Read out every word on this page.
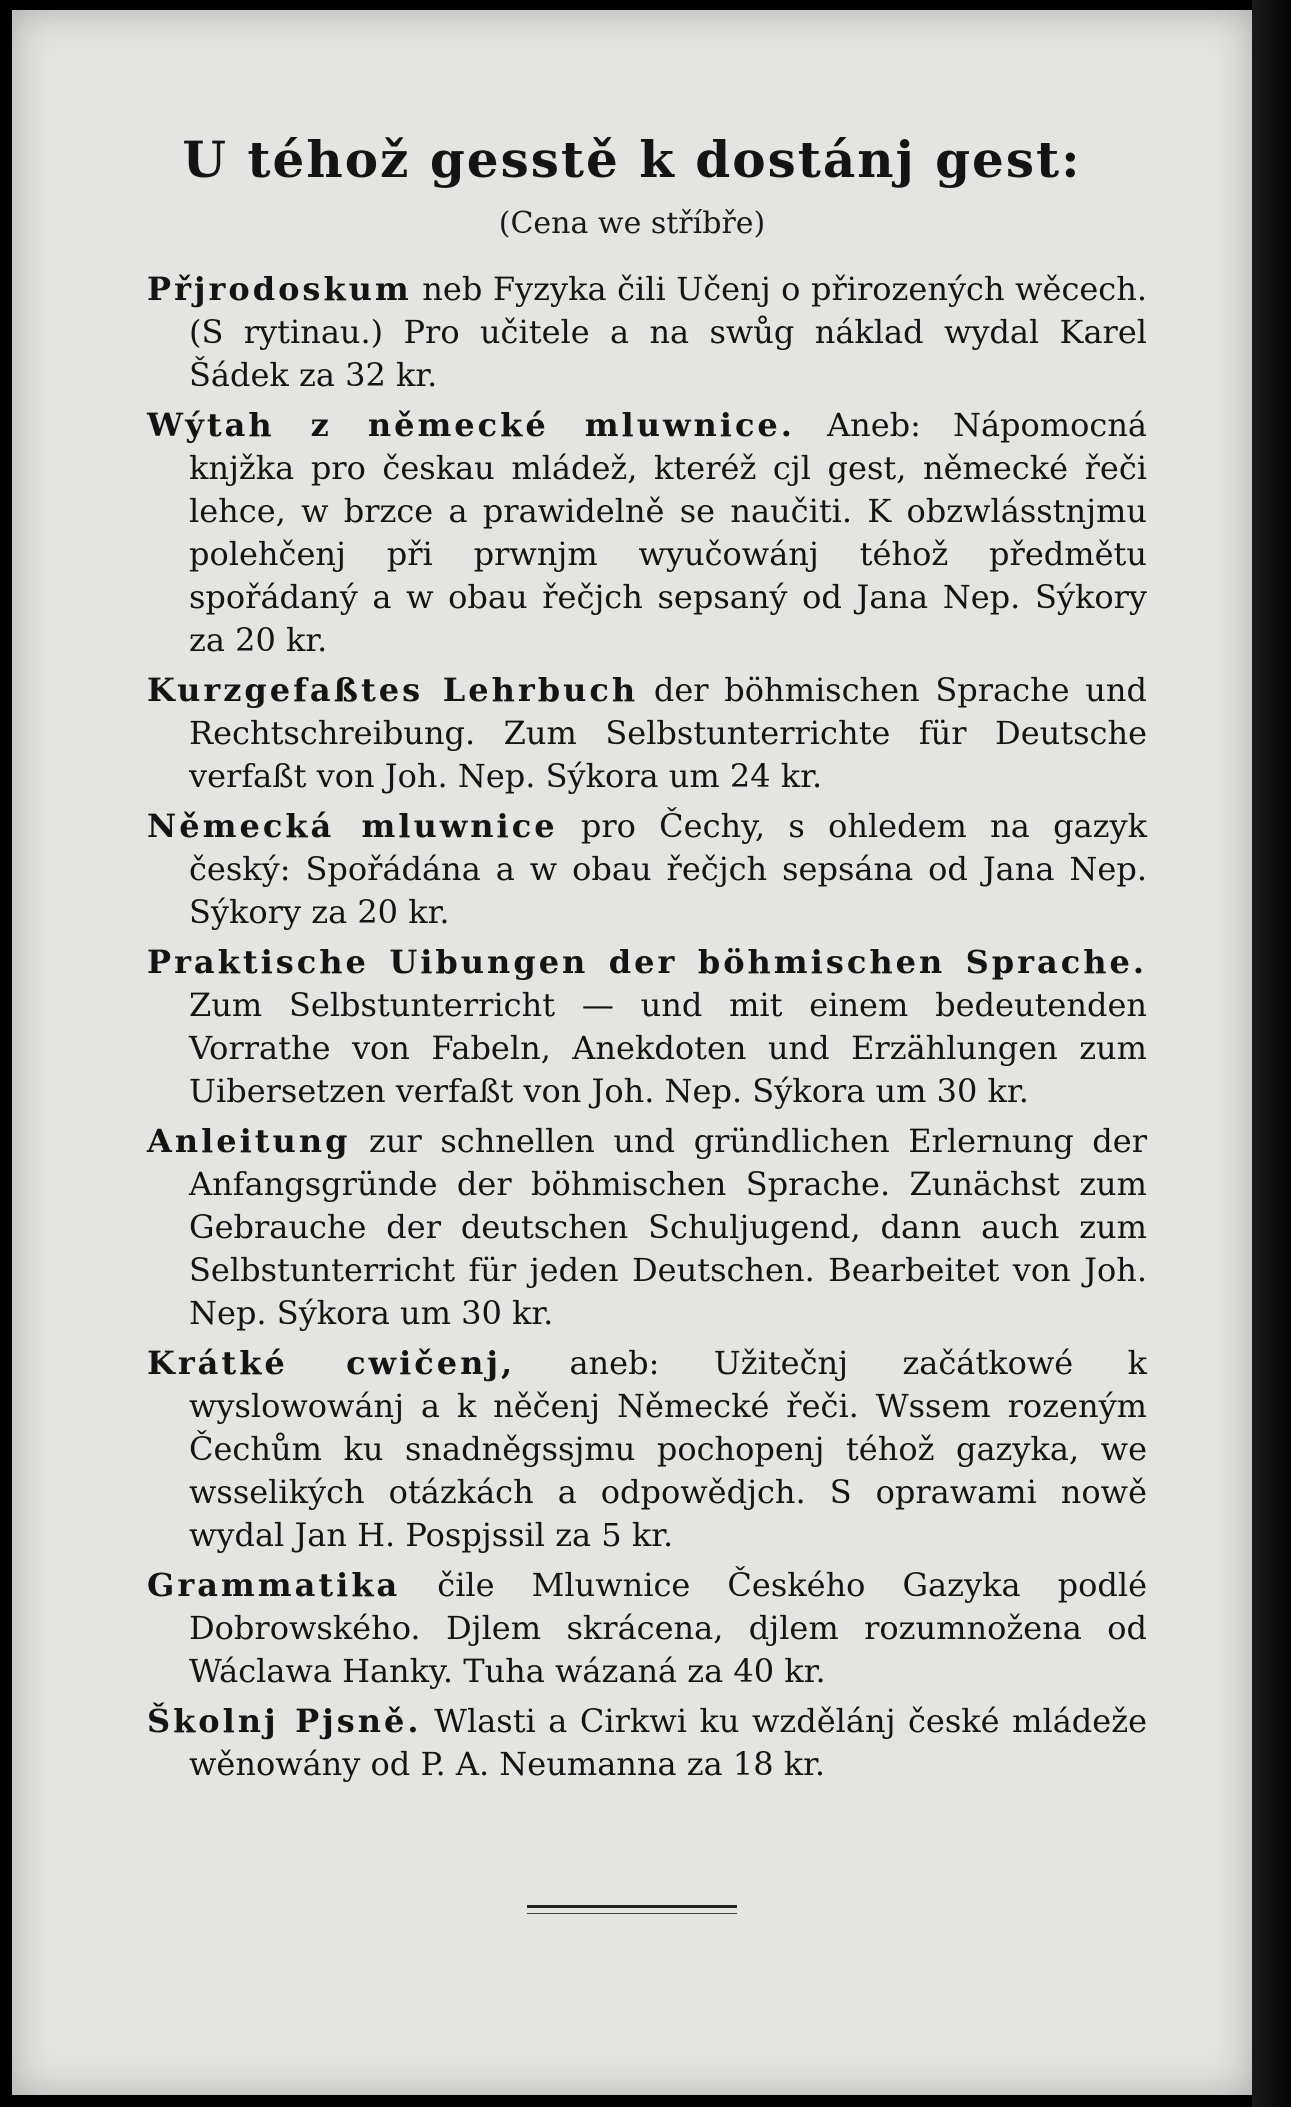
U téhož gesstě k dostánj gest:
(Cena we stříbře)

Přjrodoskum neb Fyzyka čili Učenj o přirozených wěcech. (S rytinau.) Pro učitele a na swůg náklad wydal Karel Šádek za 32 kr.

Wýtah z německé mluwnice. Aneb: Nápomocná knjžka pro českau mládež, kteréž cjl gest, německé řeči lehce, w brzce a prawidelně se naučiti. K obzwlásstnjmu polehčenj při prwnjm wyučowánj téhož předmětu spořádaný a w obau řečjch sepsaný od Jana Nep. Sýkory za 20 kr.

Kurzgefaßtes Lehrbuch der böhmischen Sprache und Rechtschreibung. Zum Selbstunterrichte für Deutsche verfaßt von Joh. Nep. Sýkora um 24 kr.

Německá mluwnice pro Čechy, s ohledem na gazyk český: Spořádána a w obau řečjch sepsána od Jana Nep. Sýkory za 20 kr.

Praktische Uibungen der böhmischen Sprache. Zum Selbstunterricht — und mit einem bedeutenden Vorrathe von Fabeln, Anekdoten und Erzählungen zum Uibersetzen verfaßt von Joh. Nep. Sýkora um 30 kr.

Anleitung zur schnellen und gründlichen Erlernung der Anfangsgründe der böhmischen Sprache. Zunächst zum Gebrauche der deutschen Schuljugend, dann auch zum Selbstunterricht für jeden Deutschen. Bearbeitet von Joh. Nep. Sýkora um 30 kr.

Krátké cwičenj, aneb: Užitečnj začátkowé k wyslowowánj a k něčenj Německé řeči. Wssem rozeným Čechům ku snadněgssjmu pochopenj téhož gazyka, we wsselikých otázkách a odpowědjch. S oprawami nowě wydal Jan H. Pospjssil za 5 kr.

Grammatika čile Mluwnice Českého Gazyka podlé Dobrowského. Djlem skrácena, djlem rozumnožena od Wáclawa Hanky. Tuha wázaná za 40 kr.

Školnj Pjsně. Wlasti a Cirkwi ku wzdělánj české mládeže wěnowány od P. A. Neumanna za 18 kr.
